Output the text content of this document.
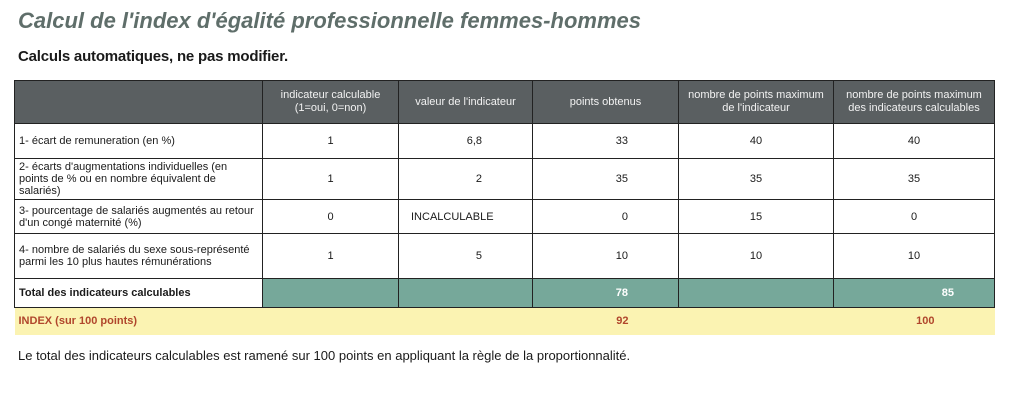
Calcul de l'index d'égalité professionnelle femmes-hommes
Calculs automatiques, ne pas modifier.
	indicateur calculable (1=oui, 0=non)	valeur de l'indicateur	points obtenus	nombre de points maximum de l'indicateur	nombre de points maximum des indicateurs calculables
1- écart de remuneration (en %)	1	6,8	33	40	40
2- écarts d'augmentations individuelles (en points de % ou en nombre équivalent de salariés)	1	2	35	35	35
3- pourcentage de salariés augmentés au retour d'un congé maternité (%)	0	INCALCULABLE	0	15	0
4- nombre de salariés du sexe sous-représenté parmi les 10 plus hautes rémunérations	1	5	10	10	10
Total des indicateurs calculables			78		85
INDEX (sur 100 points)			92		100
Le total des indicateurs calculables est ramené sur 100 points en appliquant la règle de la proportionnalité.
